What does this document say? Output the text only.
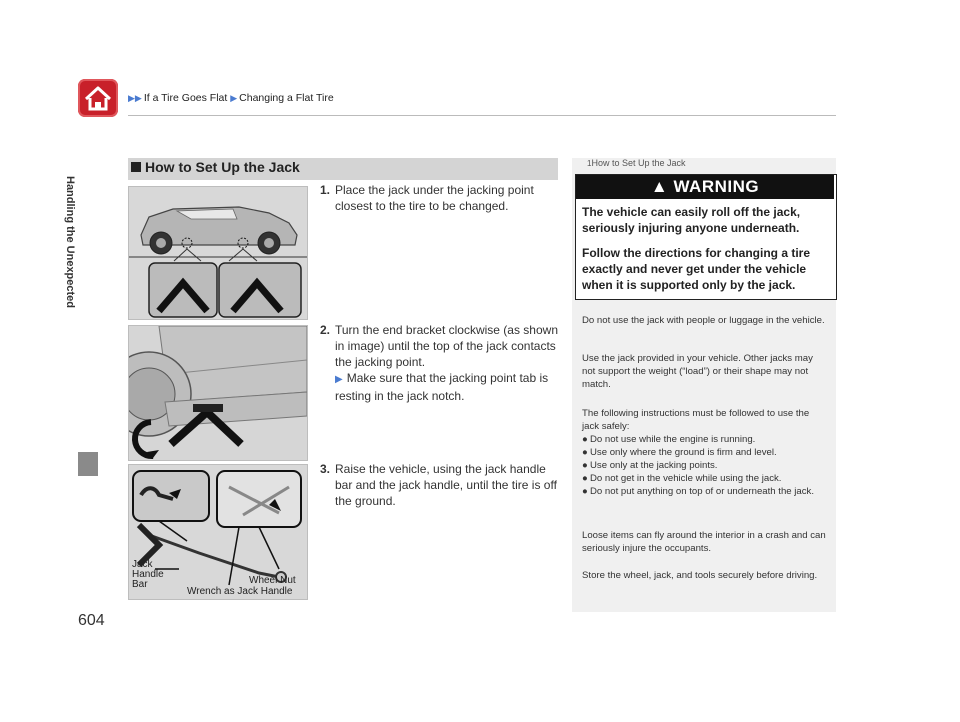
▶▶ If a Tire Goes Flat ▶ Changing a Flat Tire
Handling the Unexpected
604
How to Set Up the Jack
Jack
Handle
Bar	Wheel Nut
Wrench as Jack Handle
1. Place the jack under the jacking point closest to the tire to be changed.
2. Turn the end bracket clockwise (as shown in image) until the top of the jack contacts the jacking point.
▶ Make sure that the jacking point tab is resting in the jack notch.
3. Raise the vehicle, using the jack handle bar and the jack handle, until the tire is off the ground.
1How to Set Up the Jack
▲ WARNING
The vehicle can easily roll off the jack, seriously injuring anyone underneath.
Follow the directions for changing a tire exactly and never get under the vehicle when it is supported only by the jack.
Do not use the jack with people or luggage in the vehicle.
Use the jack provided in your vehicle. Other jacks may not support the weight (“load”) or their shape may not match.
The following instructions must be followed to use the jack safely:
● Do not use while the engine is running.
● Use only where the ground is firm and level.
● Use only at the jacking points.
● Do not get in the vehicle while using the jack.
● Do not put anything on top of or underneath the jack.
Loose items can fly around the interior in a crash and can seriously injure the occupants.
Store the wheel, jack, and tools securely before driving.
